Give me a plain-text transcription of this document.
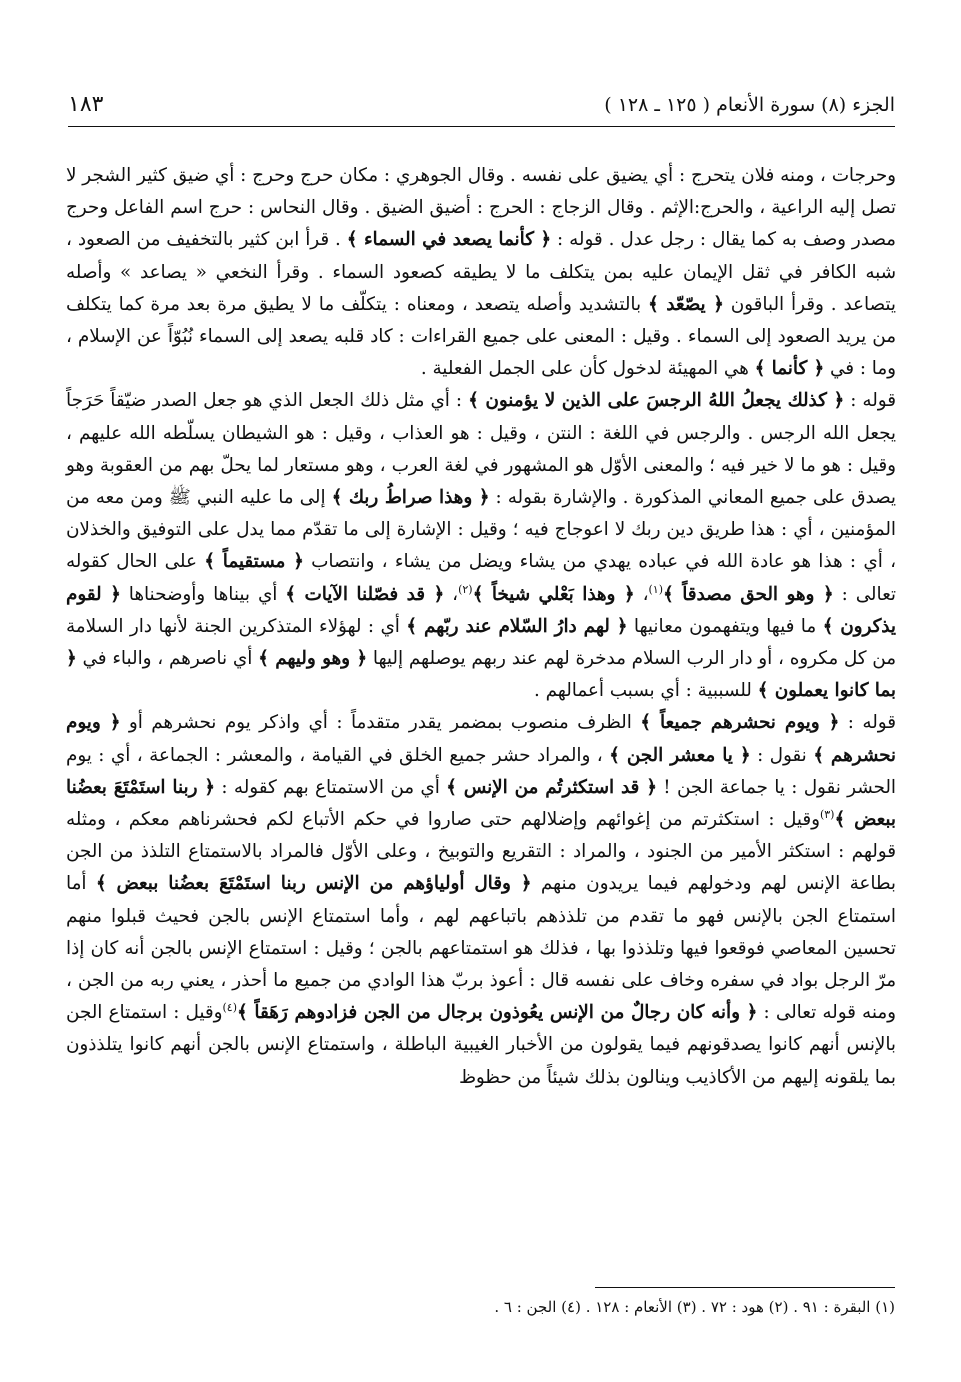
الجزء (٨) سورة الأنعام ( ١٢٥ ـ ١٢٨ )
١٨٣

وحرجات ، ومنه فلان يتحرج : أي يضيق على نفسه . وقال الجوهري : مكان حرج وحرج : أي ضيق كثير الشجر لا تصل إليه الراعية ، والحرج:الإثم . وقال الزجاج : الحرج : أضيق الضيق . وقال النحاس : حرج اسم الفاعل وحرج مصدر وصف به كما يقال : رجل عدل . قوله : ﴿ كأنما يصعد في السماء ﴾ . قرأ ابن كثير بالتخفيف من الصعود ، شبه الكافر في ثقل الإيمان عليه بمن يتكلف ما لا يطيقه كصعود السماء . وقرأ النخعي « يصاعد » وأصله يتصاعد . وقرأ الباقون ﴿ يصّعّد ﴾ بالتشديد وأصله يتصعد ، ومعناه : يتكلّف ما لا يطيق مرة بعد مرة كما يتكلف من يريد الصعود إلى السماء . وقيل : المعنى على جميع القراءات : كاد قلبه يصعد إلى السماء نُبُوّاً عن الإسلام ، وما : في ﴿ كأنما ﴾ هي المهيئة لدخول كأن على الجمل الفعلية .

قوله : ﴿ كذلك يجعلُ اللهُ الرجسَ على الذين لا يؤمنون ﴾ : أي مثل ذلك الجعل الذي هو جعل الصدر ضيّقاً حَرَجاً يجعل الله الرجس . والرجس في اللغة : النتن ، وقيل : هو العذاب ، وقيل : هو الشيطان يسلّطه الله عليهم ، وقيل : هو ما لا خير فيه ؛ والمعنى الأوّل هو المشهور في لغة العرب ، وهو مستعار لما يحلّ بهم من العقوبة وهو يصدق على جميع المعاني المذكورة . والإشارة بقوله : ﴿ وهذا صراطُ ربك ﴾ إلى ما عليه النبي ﷺ ومن معه من المؤمنين ، أي : هذا طريق دين ربك لا اعوجاج فيه ؛ وقيل : الإشارة إلى ما تقدّم مما يدل على التوفيق والخذلان ، أي : هذا هو عادة الله في عباده يهدي من يشاء ويضل من يشاء ، وانتصاب ﴿ مستقيماً ﴾ على الحال كقوله تعالى : ﴿ وهو الحق مصدقاً ﴾$^{(١)}$، ﴿ وهذا بَعْلي شيخاً ﴾$^{(٢)}$، ﴿ قد فصّلنا الآيات ﴾ أي بيناها وأوضحناها ﴿ لقوم يذكرون ﴾ ما فيها ويتفهمون معانيها ﴿ لهم دارُ السّلام عند ربّهم ﴾ أي : لهؤلاء المتذكرين الجنة لأنها دار السلامة من كل مكروه ، أو دار الرب السلام مدخرة لهم عند ربهم يوصلهم إليها ﴿ وهو وليهم ﴾ أي ناصرهم ، والباء في ﴿ بما كانوا يعملون ﴾ للسببية : أي بسبب أعمالهم .

قوله : ﴿ ويوم نحشرهم جميعاً ﴾ الظرف منصوب بمضمر يقدر متقدماً : أي واذكر يوم نحشرهم أو ﴿ ويوم نحشرهم ﴾ نقول : ﴿ يا معشر الجن ﴾ ، والمراد حشر جميع الخلق في القيامة ، والمعشر : الجماعة ، أي : يوم الحشر نقول : يا جماعة الجن ! ﴿ قد استكثرتُم من الإنس ﴾ أي من الاستمتاع بهم كقوله : ﴿ ربنا استَمْتَعَ بعضُنا ببعض ﴾$^{(٣)}$وقيل : استكثرتم من إغوائهم وإضلالهم حتى صاروا في حكم الأتباع لكم فحشرناهم معكم ، ومثله قولهم : استكثر الأمير من الجنود ، والمراد : التقريع والتوبيخ ، وعلى الأوّل فالمراد بالاستمتاع التلذذ من الجن بطاعة الإنس لهم ودخولهم فيما يريدون منهم ﴿ وقال أولياؤهم من الإنس ربنا استَمْتَعَ بعضُنا ببعض ﴾ أما استمتاع الجن بالإنس فهو ما تقدم من تلذذهم باتباعهم لهم ، وأما استمتاع الإنس بالجن فحيث قبلوا منهم تحسين المعاصي فوقعوا فيها وتلذذوا بها ، فذلك هو استمتاعهم بالجن ؛ وقيل : استمتاع الإنس بالجن أنه كان إذا مرّ الرجل بواد في سفره وخاف على نفسه قال : أعوذ بربّ هذا الوادي من جميع ما أحذر ، يعني ربه من الجن ، ومنه قوله تعالى : ﴿ وأنه كان رجالٌ من الإنس يعُوذون برجال من الجن فزادوهم رَهَقاً ﴾$^{(٤)}$وقيل : استمتاع الجن بالإنس أنهم كانوا يصدقونهم فيما يقولون من الأخبار الغيبية الباطلة ، واستمتاع الإنس بالجن أنهم كانوا يتلذذون بما يلقونه إليهم من الأكاذيب وينالون بذلك شيئاً من حظوظ

(١) البقرة : ٩١ . (٢) هود : ٧٢ . (٣) الأنعام : ١٢٨ . (٤) الجن : ٦ .
